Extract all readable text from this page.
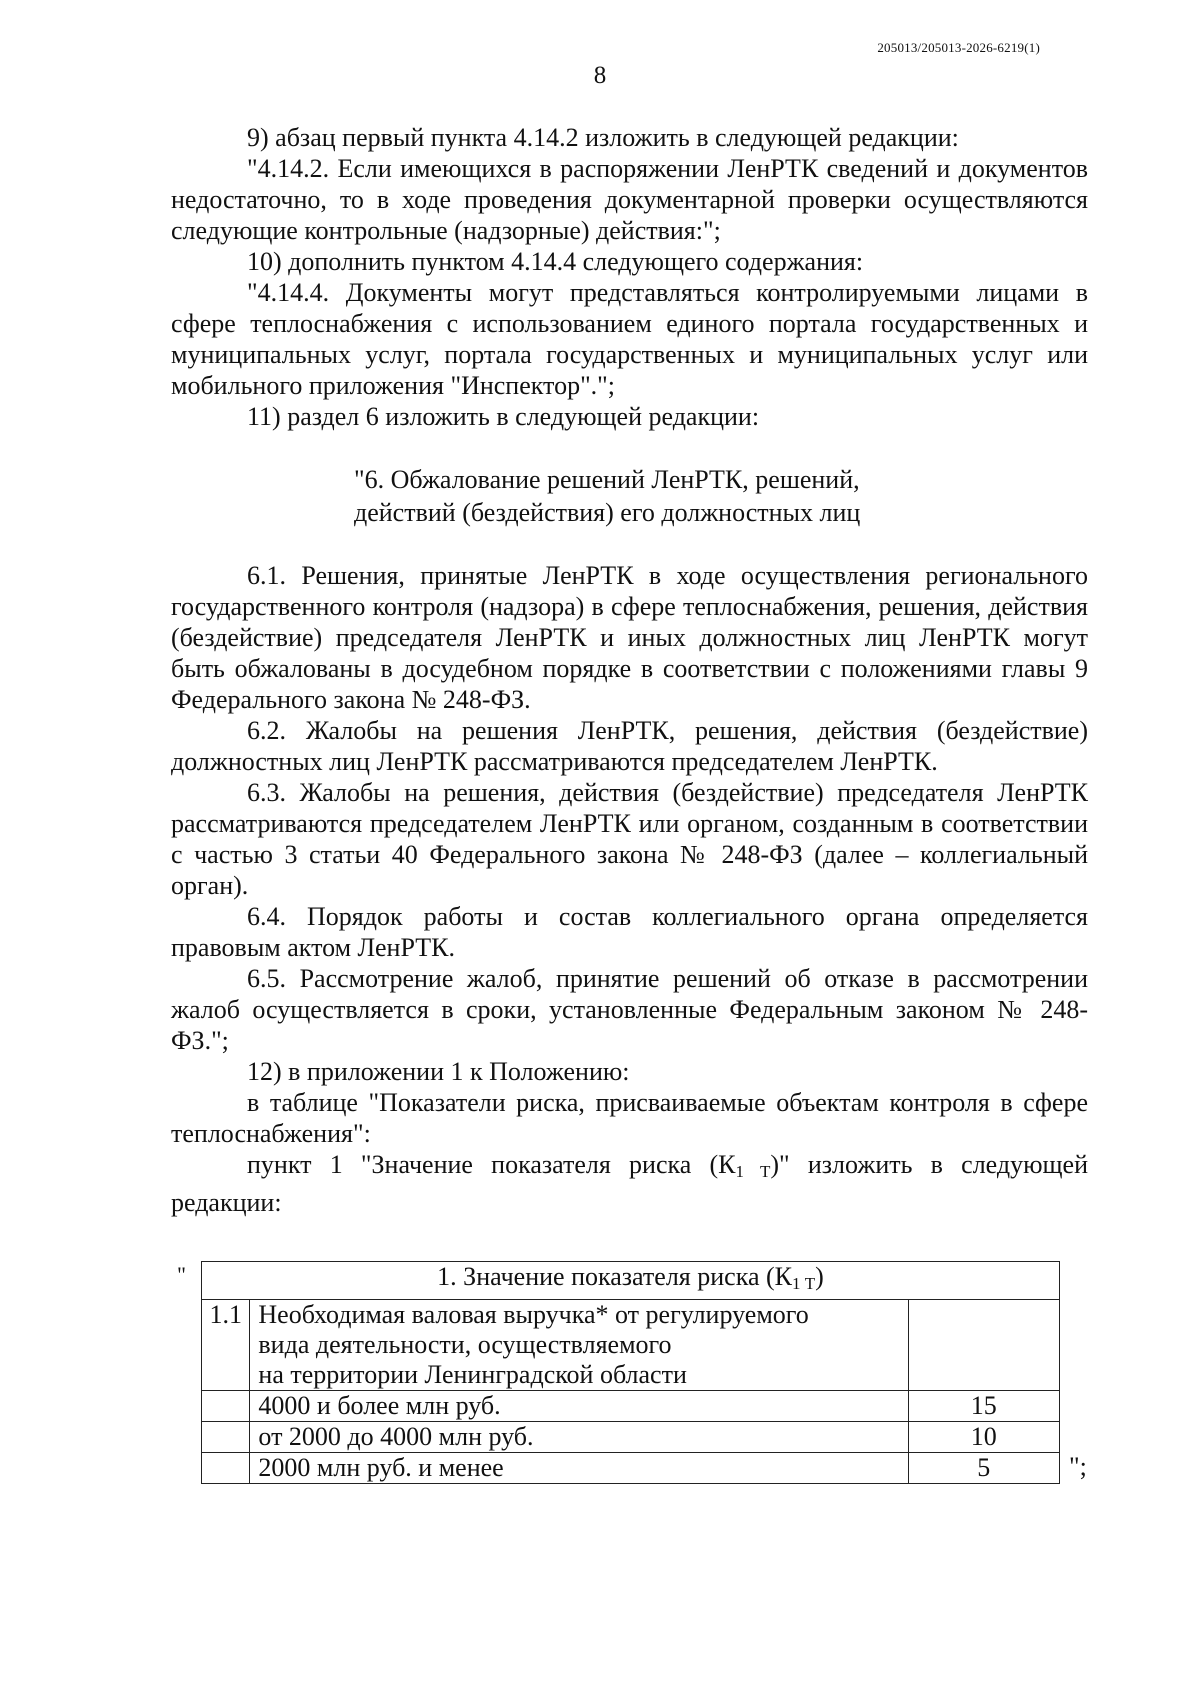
205013/205013-2026-6219(1)
8

9) абзац первый пункта 4.14.2 изложить в следующей редакции:

"4.14.2. Если имеющихся в распоряжении ЛенРТК сведений и документов недостаточно, то в ходе проведения документарной проверки осуществляются следующие контрольные (надзорные) действия:";

10) дополнить пунктом 4.14.4 следующего содержания:

"4.14.4. Документы могут представляться контролируемыми лицами в сфере теплоснабжения с использованием единого портала государственных и муниципальных услуг, портала государственных и муниципальных услуг или мобильного приложения "Инспектор".";

11) раздел 6 изложить в следующей редакции:

"6. Обжалование решений ЛенРТК, решений,
действий (бездействия) его должностных лиц

6.1. Решения, принятые ЛенРТК в ходе осуществления регионального государственного контроля (надзора) в сфере теплоснабжения, решения, действия (бездействие) председателя ЛенРТК и иных должностных лиц ЛенРТК могут быть обжалованы в досудебном порядке в соответствии с положениями главы 9 Федерального закона № 248-ФЗ.

6.2. Жалобы на решения ЛенРТК, решения, действия (бездействие) должностных лиц ЛенРТК рассматриваются председателем ЛенРТК.

6.3. Жалобы на решения, действия (бездействие) председателя ЛенРТК рассматриваются председателем ЛенРТК или органом, созданным в соответствии с частью 3 статьи 40 Федерального закона № 248-ФЗ (далее – коллегиальный орган).

6.4. Порядок работы и состав коллегиального органа определяется правовым актом ЛенРТК.

6.5. Рассмотрение жалоб, принятие решений об отказе в рассмотрении жалоб осуществляется в сроки, установленные Федеральным законом № 248-ФЗ.";

12) в приложении 1 к Положению:

в таблице "Показатели риска, присваиваемые объектам контроля в сфере теплоснабжения":

пункт 1 "Значение показателя риска $(К_{1 Т})$" изложить в следующей редакции:

"	1. Значение показателя риска $(К_{1 Т})$		
1.1	Необходимая валовая выручка* от регулируемого
вида деятельности, осуществляемого
на территории Ленинградской области	

	4000 и более млн руб.	15
	от 2000 до 4000 млн руб.	10
	2000 млн руб. и менее	5	";
